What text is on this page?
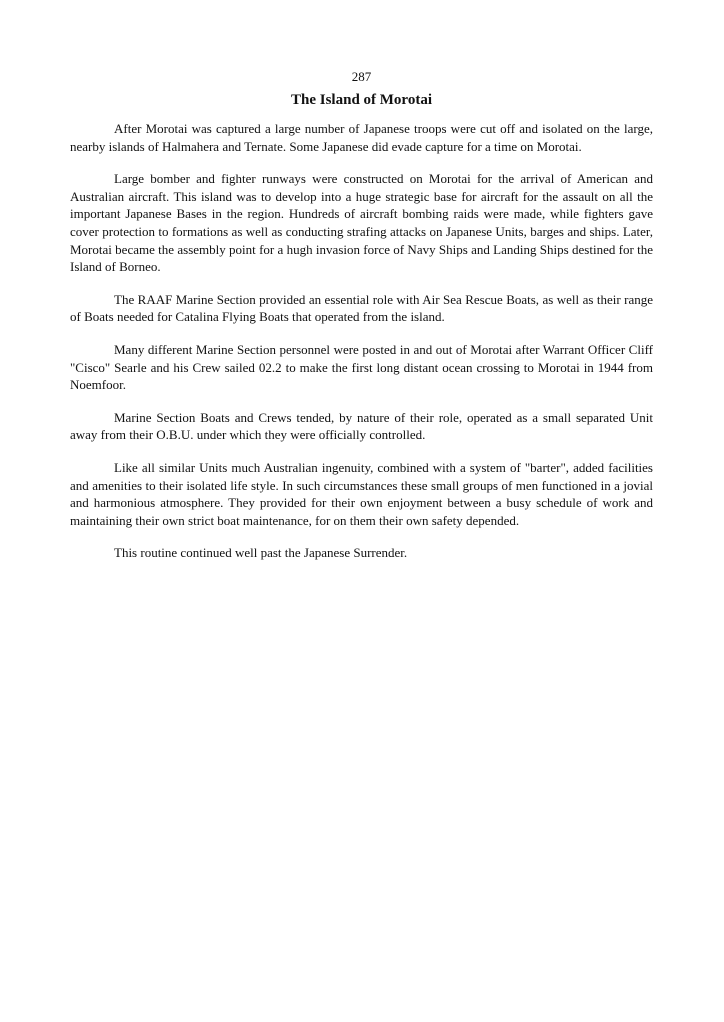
287
The Island of Morotai

After Morotai was captured a large number of Japanese troops were cut off and isolated on the large, nearby islands of Halmahera and Ternate. Some Japanese did evade capture for a time on Morotai.

Large bomber and fighter runways were constructed on Morotai for the arrival of American and Australian aircraft. This island was to develop into a huge strategic base for aircraft for the assault on all the important Japanese Bases in the region. Hundreds of aircraft bombing raids were made, while fighters gave cover protection to formations as well as conducting strafing attacks on Japanese Units, barges and ships. Later, Morotai became the assembly point for a hugh invasion force of Navy Ships and Landing Ships destined for the Island of Borneo.

The RAAF Marine Section provided an essential role with Air Sea Rescue Boats, as well as their range of Boats needed for Catalina Flying Boats that operated from the island.

Many different Marine Section personnel were posted in and out of Morotai after Warrant Officer Cliff "Cisco" Searle and his Crew sailed 02.2 to make the first long distant ocean crossing to Morotai in 1944 from Noemfoor.

Marine Section Boats and Crews tended, by nature of their role, operated as a small separated Unit away from their O.B.U. under which they were officially controlled.

Like all similar Units much Australian ingenuity, combined with a system of "barter", added facilities and amenities to their isolated life style. In such circumstances these small groups of men functioned in a jovial and harmonious atmosphere. They provided for their own enjoyment between a busy schedule of work and maintaining their own strict boat maintenance, for on them their own safety depended.

This routine continued well past the Japanese Surrender.
